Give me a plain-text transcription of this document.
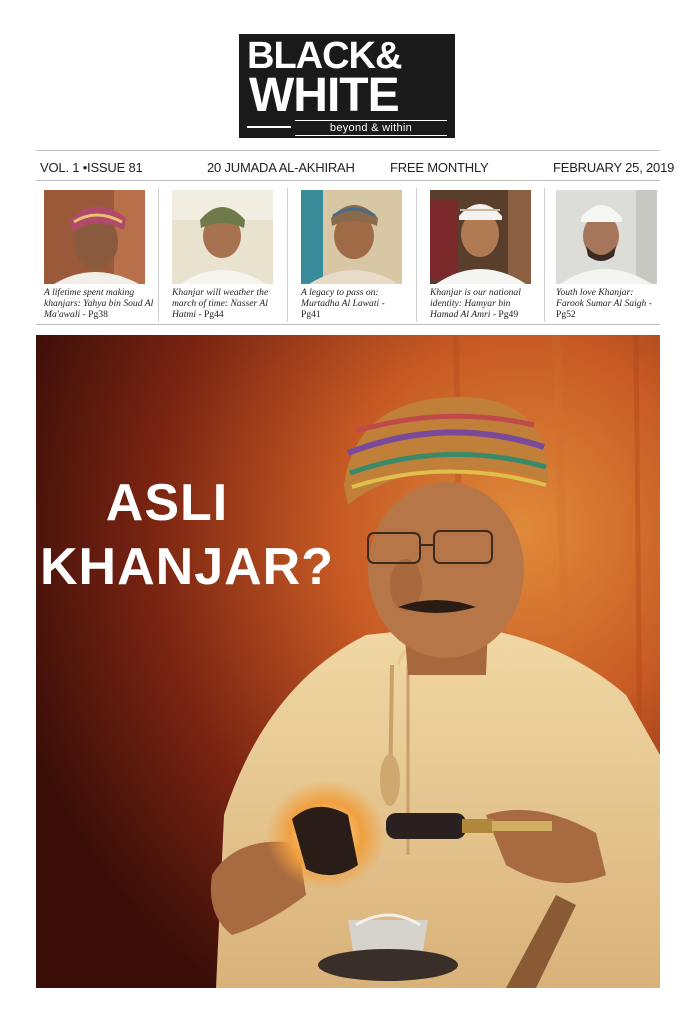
BLACK&
WHITE
beyond & within
VOL. 1 •ISSUE 81	20 JUMADA AL-AKHIRAH	FREE MONTHLY	FEBRUARY 25, 2019
A lifetime spent making khanjars: Yahya bin Soud Al Ma'awali - Pg38
Khanjar will weather the march of time: Nasser Al Hatmi - Pg44
A legacy to pass on: Murtadha Al Lawati - Pg41
Khanjar is our national identity: Hamyar bin Hamad Al Amri - Pg49
Youth love Khanjar: Farook Sumar Al Saigh - Pg52
ASLI
KHANJAR?
